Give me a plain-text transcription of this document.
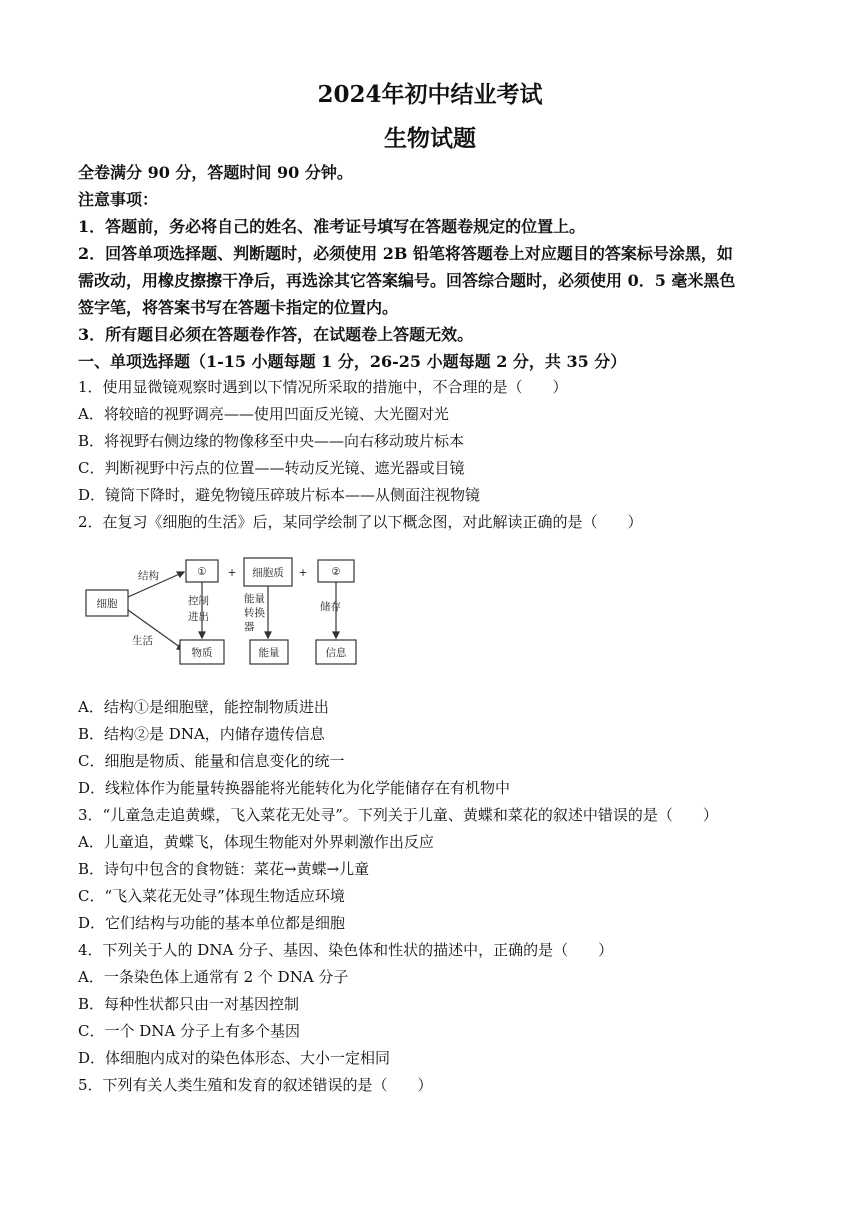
2024年初中结业考试
生物试题
全卷满分 90 分，答题时间 90 分钟。
注意事项：
1．答题前，务必将自己的姓名、准考证号填写在答题卷规定的位置上。
2．回答单项选择题、判断题时，必须使用 2B 铅笔将答题卷上对应题目的答案标号涂黑，如
需改动，用橡皮擦擦干净后，再选涂其它答案编号。回答综合题时，必须使用 0．5 毫米黑色
签字笔，将答案书写在答题卡指定的位置内。
3．所有题目必须在答题卷作答，在试题卷上答题无效。
一、单项选择题（1-15 小题每题 1 分，26-25 小题每题 2 分，共 35 分）
1．使用显微镜观察时遇到以下情况所采取的措施中，不合理的是（　　）
A．将较暗的视野调亮——使用凹面反光镜、大光圈对光
B．将视野右侧边缘的物像移至中央——向右移动玻片标本
C．判断视野中污点的位置——转动反光镜、遮光器或目镜
D．镜筒下降时，避免物镜压碎玻片标本——从侧面注视物镜
2．在复习《细胞的生活》后，某同学绘制了以下概念图，对此解读正确的是（　　）
细胞
结构
生活
① + 细胞质 + ②
控制
进出
能量
转换
器
储存
物质	能量	信息
A．结构①是细胞壁，能控制物质进出
B．结构②是 DNA，内储存遗传信息
C．细胞是物质、能量和信息变化的统一
D．线粒体作为能量转换器能将光能转化为化学能储存在有机物中
3．“儿童急走追黄蝶，飞入菜花无处寻”。下列关于儿童、黄蝶和菜花的叙述中错误的是（　　）
A．儿童追，黄蝶飞，体现生物能对外界刺激作出反应
B．诗句中包含的食物链：菜花→黄蝶→儿童
C．“飞入菜花无处寻”体现生物适应环境
D．它们结构与功能的基本单位都是细胞
4．下列关于人的 DNA 分子、基因、染色体和性状的描述中，正确的是（　　）
A．一条染色体上通常有 2 个 DNA 分子
B．每种性状都只由一对基因控制
C．一个 DNA 分子上有多个基因
D．体细胞内成对的染色体形态、大小一定相同
5．下列有关人类生殖和发育的叙述错误的是（　　）
